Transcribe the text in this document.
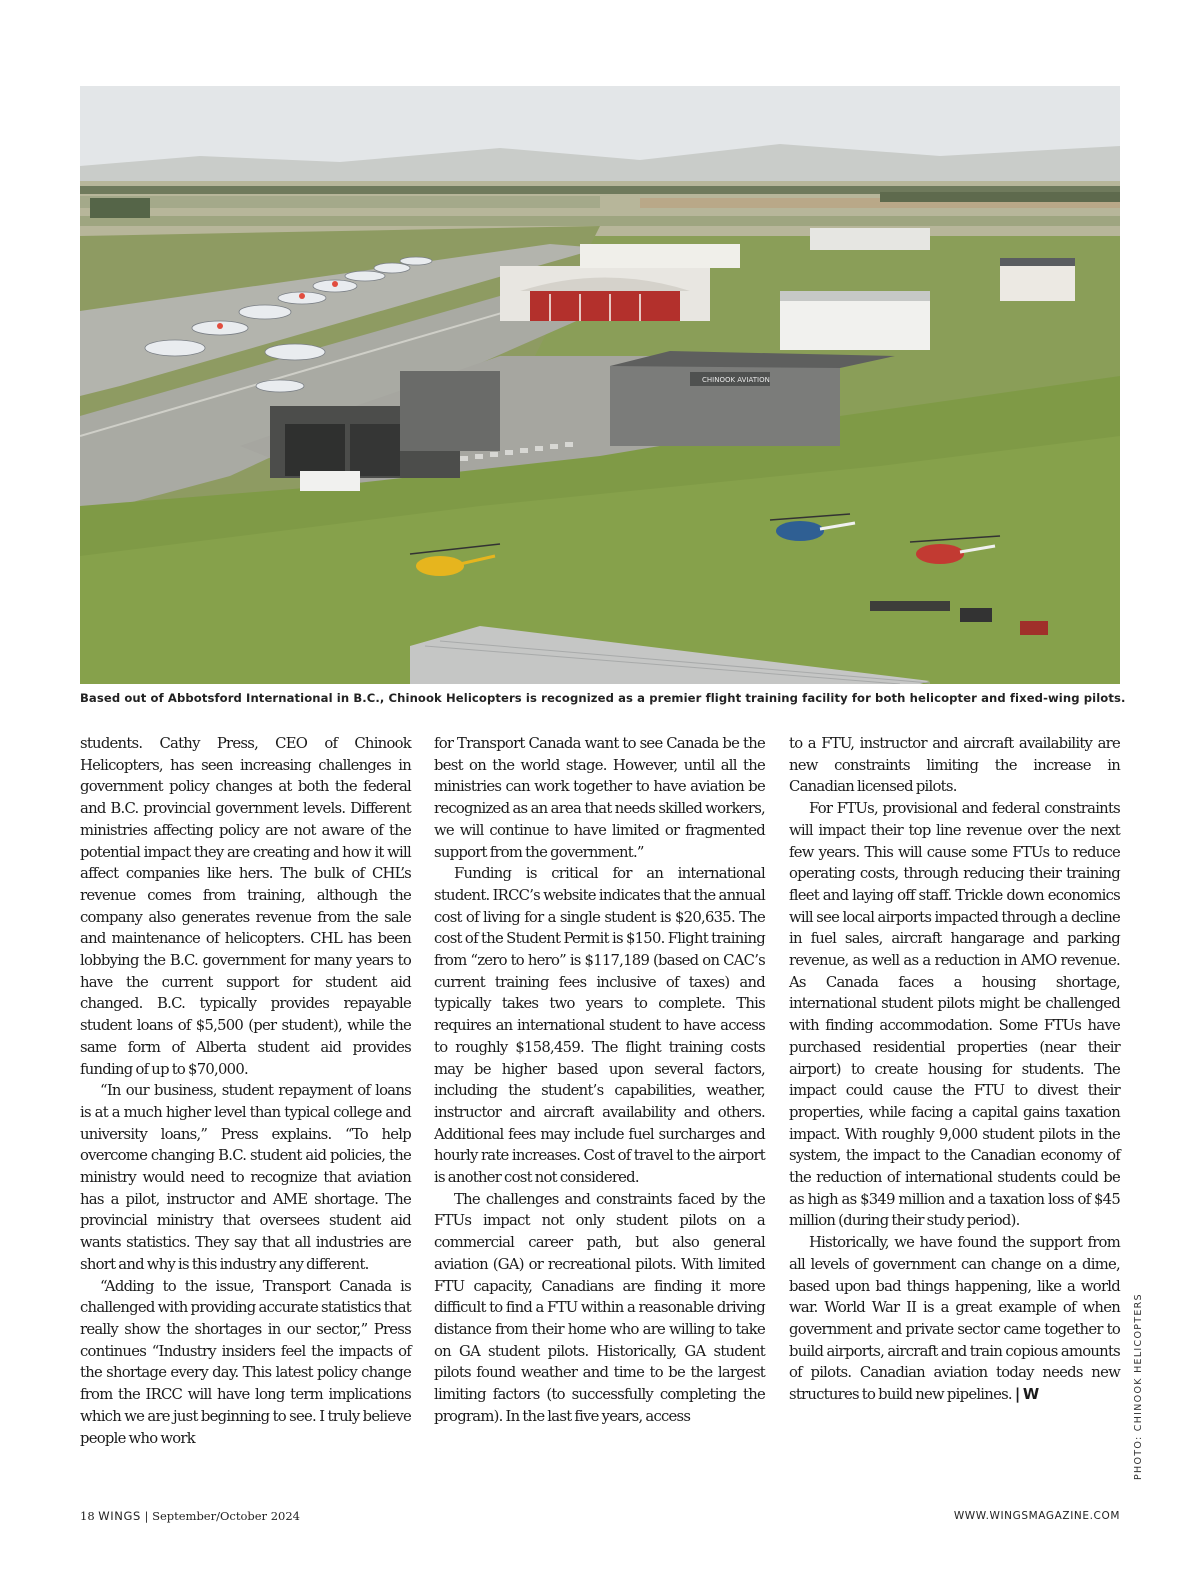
CHINOOK AVIATION
Based out of Abbotsford International in B.C., Chinook Helicopters is recognized as a premier flight training facility for both helicopter and fixed-wing pilots.

students. Cathy Press, CEO of Chinook Helicopters, has seen increasing challenges in government policy changes at both the federal and B.C. provincial government levels. Different ministries affecting policy are not aware of the potential impact they are creating and how it will affect companies like hers. The bulk of CHL’s revenue comes from training, although the company also generates revenue from the sale and maintenance of helicopters. CHL has been lobbying the B.C. government for many years to have the current support for student aid changed. B.C. typically provides repayable student loans of $5,500 (per student), while the same form of Alberta student aid provides funding of up to $70,000.

“In our business, student repayment of loans is at a much higher level than typical college and university loans,” Press explains. “To help overcome changing B.C. student aid policies, the ministry would need to recognize that aviation has a pilot, instructor and AME shortage. The provincial ministry that oversees student aid wants statistics. They say that all industries are short and why is this industry any different.

“Adding to the issue, Transport Canada is challenged with providing accurate statistics that really show the shortages in our sector,” Press continues “Industry insiders feel the impacts of the shortage every day. This latest policy change from the IRCC will have long term implications which we are just beginning to see. I truly believe people who work

for Transport Canada want to see Canada be the best on the world stage. However, until all the ministries can work together to have aviation be recognized as an area that needs skilled workers, we will continue to have limited or fragmented support from the government.”

Funding is critical for an international student. IRCC’s website indicates that the annual cost of living for a single student is $20,635. The cost of the Student Permit is $150. Flight training from “zero to hero” is $117,189 (based on CAC’s current training fees inclusive of taxes) and typically takes two years to complete. This requires an international student to have access to roughly $158,459. The flight training costs may be higher based upon several factors, including the student’s capabilities, weather, instructor and aircraft availability and others. Additional fees may include fuel surcharges and hourly rate increases. Cost of travel to the airport is another cost not considered.

The challenges and constraints faced by the FTUs impact not only student pilots on a commercial career path, but also general aviation (GA) or recreational pilots. With limited FTU capacity, Canadians are finding it more difficult to find a FTU within a reasonable driving distance from their home who are willing to take on GA student pilots. Historically, GA student pilots found weather and time to be the largest limiting factors (to successfully completing the program). In the last five years, access

to a FTU, instructor and aircraft availability are new constraints limiting the increase in Canadian licensed pilots.

For FTUs, provisional and federal constraints will impact their top line revenue over the next few years. This will cause some FTUs to reduce operating costs, through reducing their training fleet and laying off staff. Trickle down economics will see local airports impacted through a decline in fuel sales, aircraft hangarage and parking revenue, as well as a reduction in AMO revenue. As Canada faces a housing shortage, international student pilots might be challenged with finding accommodation. Some FTUs have purchased residential properties (near their airport) to create housing for students. The impact could cause the FTU to divest their properties, while facing a capital gains taxation impact. With roughly 9,000 student pilots in the system, the impact to the Canadian economy of the reduction of international students could be as high as $349 million and a taxation loss of $45 million (during their study period).

Historically, we have found the support from all levels of government can change on a dime, based upon bad things happening, like a world war. World War II is a great example of when government and private sector came together to build airports, aircraft and train copious amounts of pilots. Canadian aviation today needs new structures to build new pipelines. | W	PHOTO: CHINOOK HELICOPTERS
18 WINGS | September/October 2024	WWW.WINGSMAGAZINE.COM
